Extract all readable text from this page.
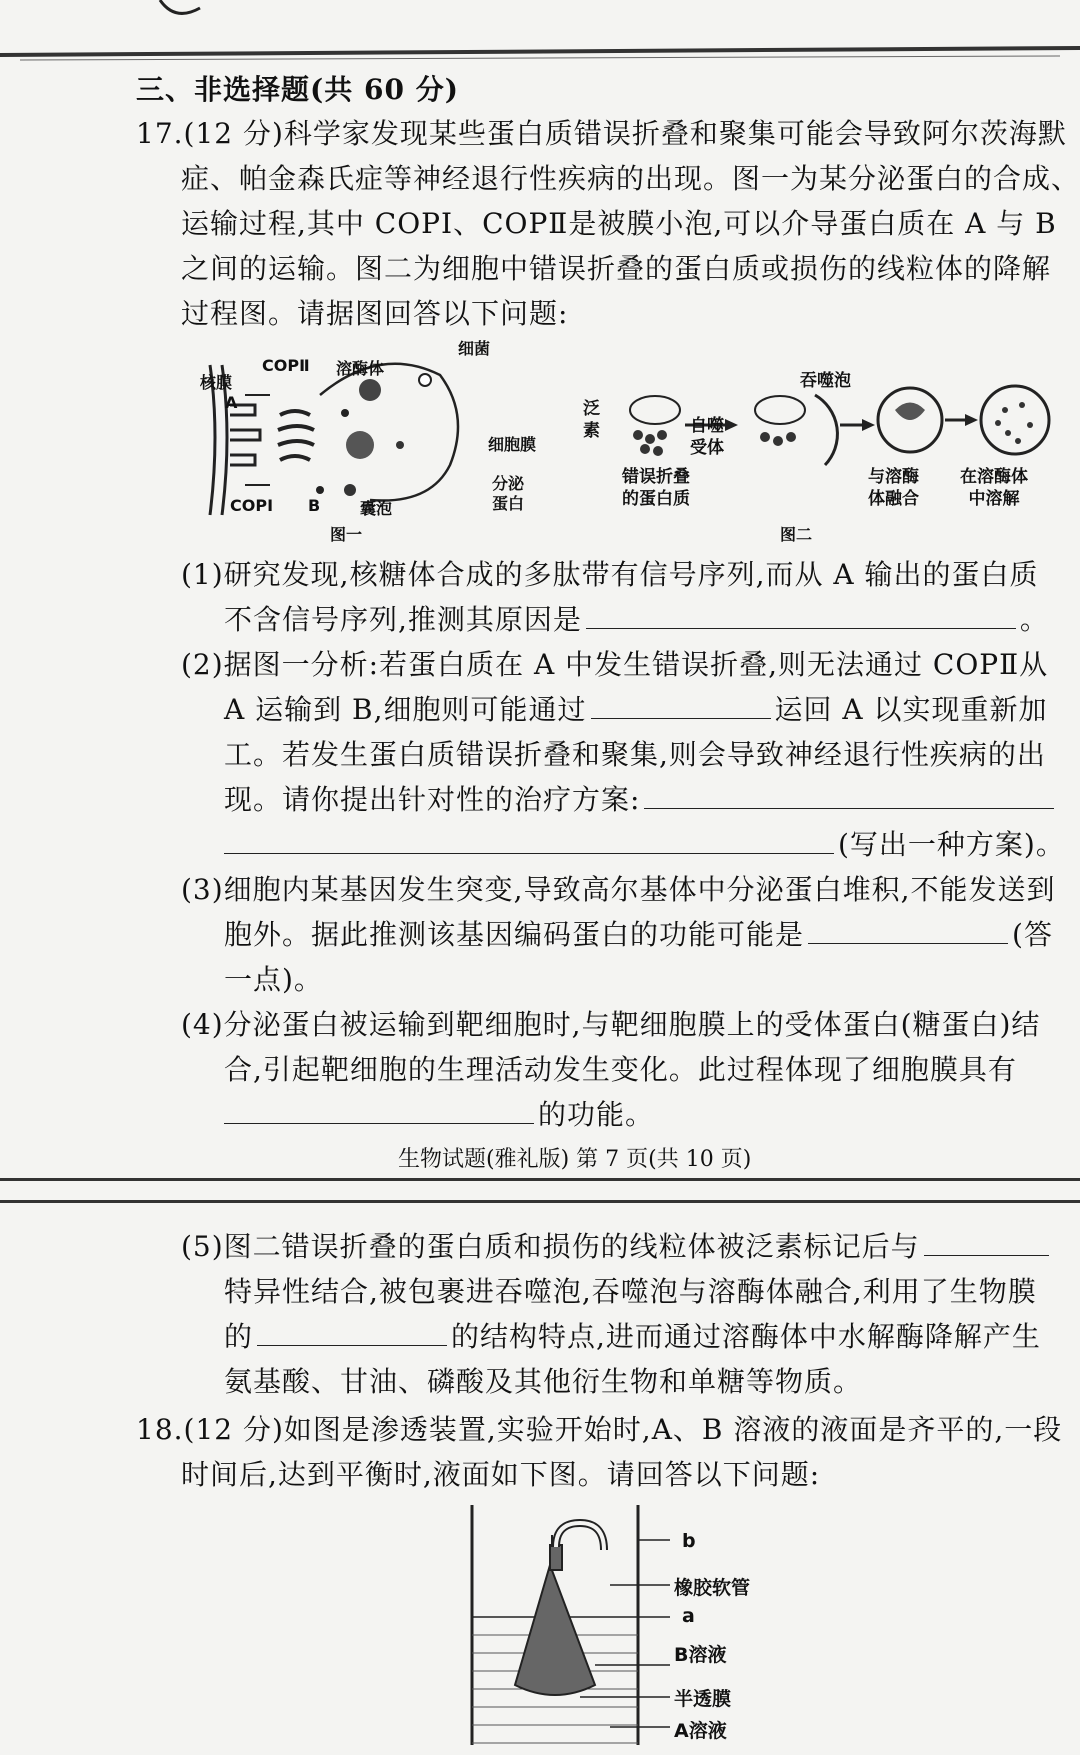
三、非选择题(共 60 分)
17.(12 分)科学家发现某些蛋白质错误折叠和聚集可能会导致阿尔茨海默
症、帕金森氏症等神经退行性疾病的出现。图一为某分泌蛋白的合成、
运输过程,其中 COPⅠ、COPⅡ是被膜小泡,可以介导蛋白质在 A 与 B
之间的运输。图二为细胞中错误折叠的蛋白质或损伤的线粒体的降解
过程图。请据图回答以下问题:
核膜
A
COPⅡ 溶酶体
细菌
细胞膜
COPⅠ B 囊泡
分泌
蛋白
图一
泛
素	自噬
受体
吞噬泡
错误折叠
的蛋白质
与溶酶
体融合
在溶酶体
中溶解
图二
(1)研究发现,核糖体合成的多肽带有信号序列,而从 A 输出的蛋白质
不含信号序列,推测其原因是	。
(2)据图一分析:若蛋白质在 A 中发生错误折叠,则无法通过 COPⅡ从
A 运输到 B,细胞则可能通过	运回 A 以实现重新加
工。若发生蛋白质错误折叠和聚集,则会导致神经退行性疾病的出
现。请你提出针对性的治疗方案:
(写出一种方案)。
(3)细胞内某基因发生突变,导致高尔基体中分泌蛋白堆积,不能发送到
胞外。据此推测该基因编码蛋白的功能可能是	(答
一点)。
(4)分泌蛋白被运输到靶细胞时,与靶细胞膜上的受体蛋白(糖蛋白)结
合,引起靶细胞的生理活动发生变化。此过程体现了细胞膜具有
的功能。
生物试题(雅礼版) 第 7 页(共 10 页)
(5)图二错误折叠的蛋白质和损伤的线粒体被泛素标记后与
特异性结合,被包裹进吞噬泡,吞噬泡与溶酶体融合,利用了生物膜
的	的结构特点,进而通过溶酶体中水解酶降解产生
氨基酸、甘油、磷酸及其他衍生物和单糖等物质。
18.(12 分)如图是渗透装置,实验开始时,A、B 溶液的液面是齐平的,一段
时间后,达到平衡时,液面如下图。请回答以下问题:
b
橡胶软管
a
B溶液
半透膜
A溶液
